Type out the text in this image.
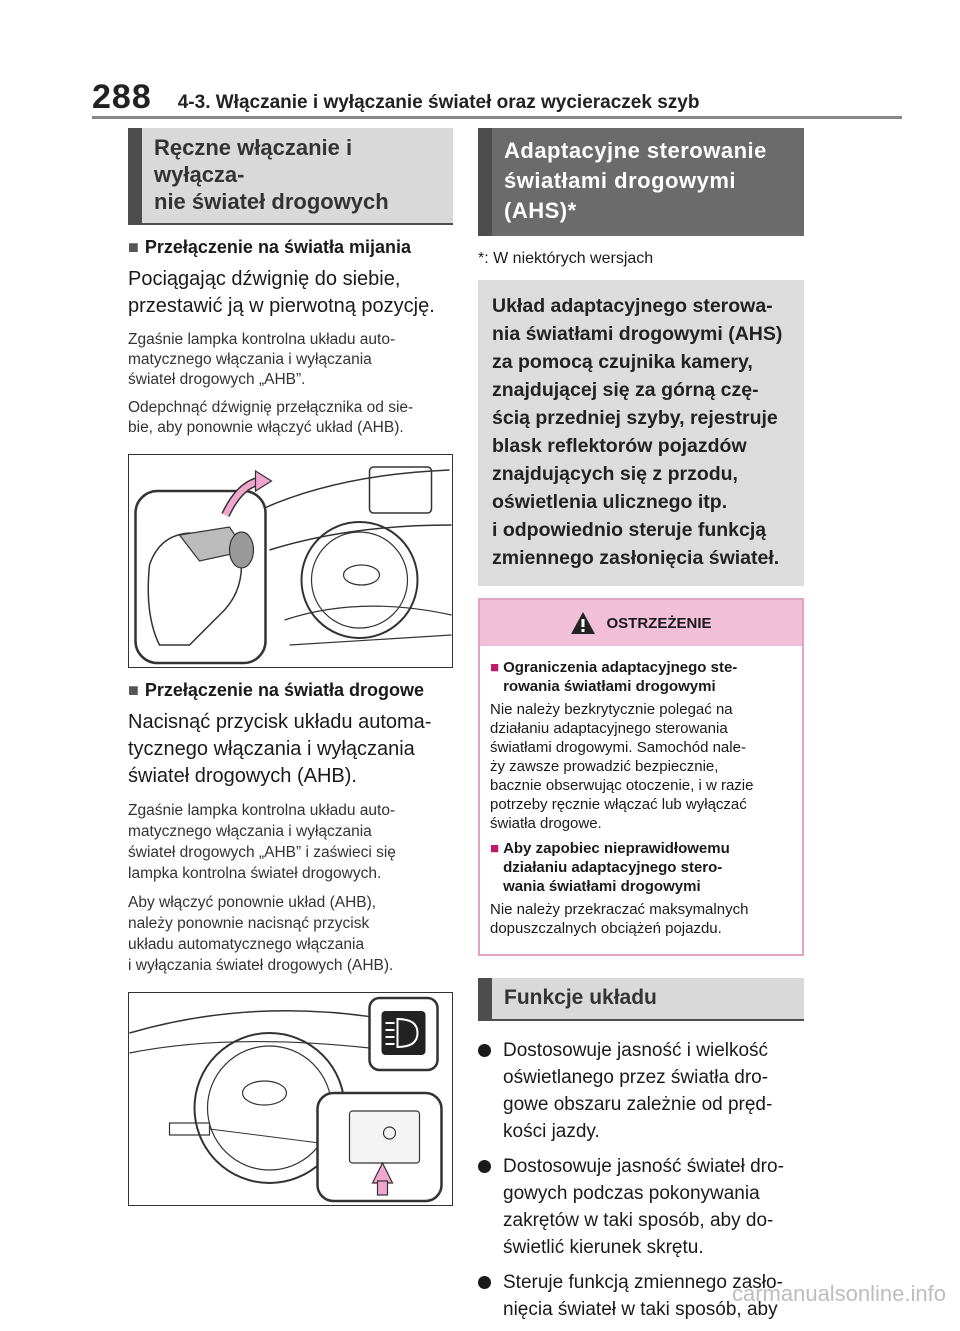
288 4-3. Włączanie i wyłączanie świateł oraz wycieraczek szyb
Ręczne włączanie i wyłącza-
nie świateł drogowych
■ Przełączenie na światła mijania
Pociągając dźwignię do siebie,
przestawić ją w pierwotną pozycję.
Zgaśnie lampka kontrolna układu auto-
matycznego włączania i wyłączania
świateł drogowych „AHB”.
Odepchnąć dźwignię przełącznika od sie-
bie, aby ponownie włączyć układ (AHB).
■ Przełączenie na światła drogowe
Nacisnąć przycisk układu automa-
tycznego włączania i wyłączania
świateł drogowych (AHB).
Zgaśnie lampka kontrolna układu auto-
matycznego włączania i wyłączania
świateł drogowych „AHB” i zaświeci się
lampka kontrolna świateł drogowych.
Aby włączyć ponownie układ (AHB),
należy ponownie nacisnąć przycisk
układu automatycznego włączania
i wyłączania świateł drogowych (AHB).
Adaptacyjne sterowanie
światłami drogowymi
(AHS)*
*: W niektórych wersjach
Układ adaptacyjnego sterowa-
nia światłami drogowymi (AHS)
za pomocą czujnika kamery,
znajdującej się za górną czę-
ścią przedniej szyby, rejestruje
blask reflektorów pojazdów
znajdujących się z przodu,
oświetlenia ulicznego itp.
i odpowiednio steruje funkcją
zmiennego zasłonięcia świateł.
OSTRZEŻENIE
■ Ograniczenia adaptacyjnego ste-
rowania światłami drogowymi
Nie należy bezkrytycznie polegać na
działaniu adaptacyjnego sterowania
światłami drogowymi. Samochód nale-
ży zawsze prowadzić bezpiecznie,
bacznie obserwując otoczenie, i w razie
potrzeby ręcznie włączać lub wyłączać
światła drogowe.
■ Aby zapobiec nieprawidłowemu
działaniu adaptacyjnego stero-
wania światłami drogowymi
Nie należy przekraczać maksymalnych
dopuszczalnych obciążeń pojazdu.
Funkcje układu
Dostosowuje jasność i wielkość
oświetlanego przez światła dro-
gowe obszaru zależnie od pręd-
kości jazdy.
Dostosowuje jasność świateł dro-
gowych podczas pokonywania
zakrętów w taki sposób, aby do-
świetlić kierunek skrętu.
Steruje funkcją zmiennego zasło-
nięcia świateł w taki sposób, aby
carmanualsonline.info
